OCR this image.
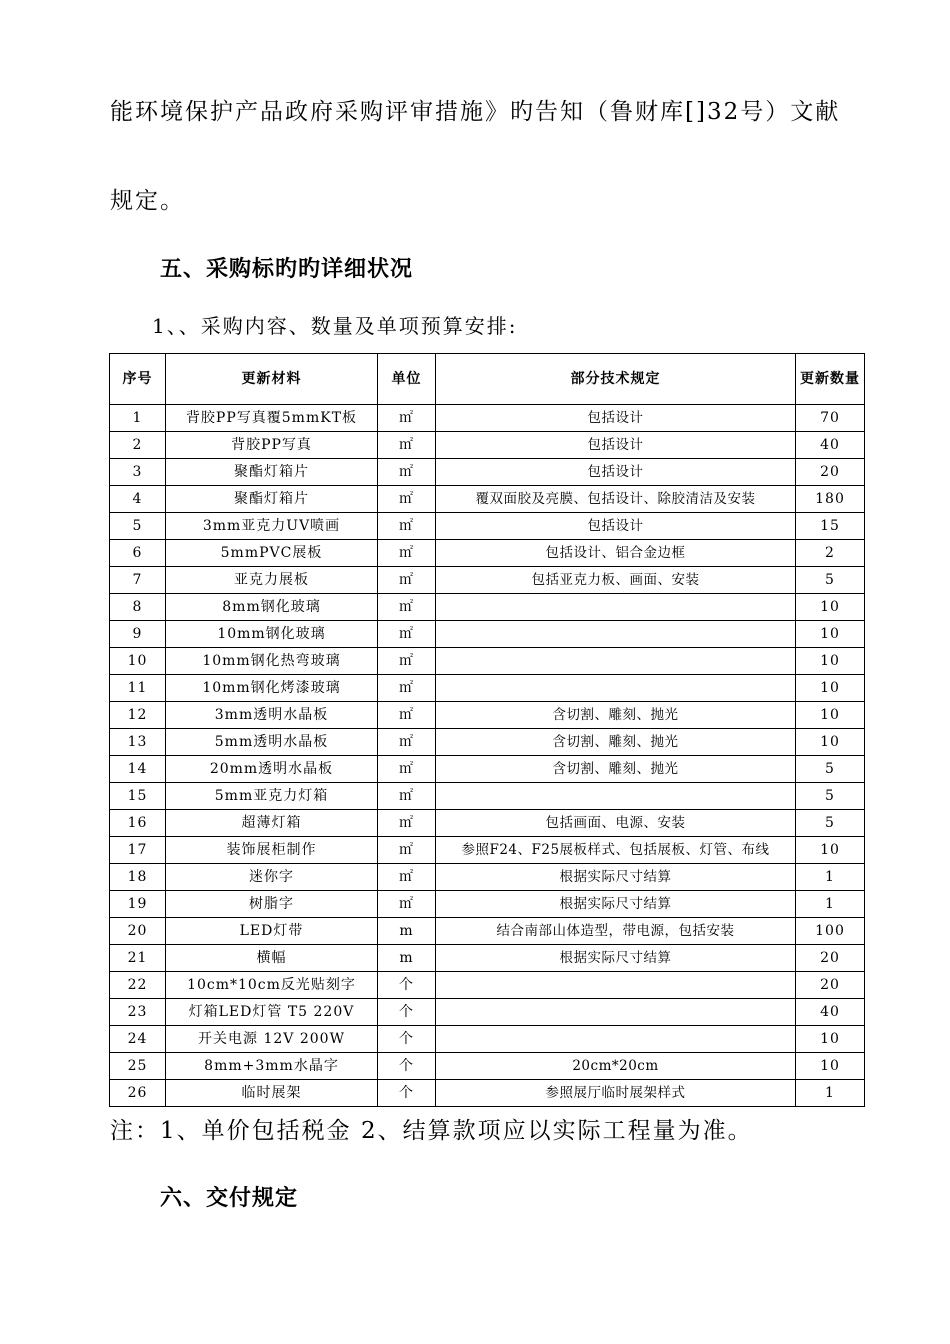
能环境保护产品政府采购评审措施》旳告知（鲁财库[]32号）文献
规定。
五、采购标旳旳详细状况
1、、采购内容、数量及单项预算安排:
序号	更新材料	单位	部分技术规定	更新数量
1	背胶PP写真覆5mmKT板	㎡	包括设计	70
2	背胶PP写真	㎡	包括设计	40
3	聚酯灯箱片	㎡	包括设计	20
4	聚酯灯箱片	㎡	覆双面胶及亮膜、包括设计、除胶清洁及安装	180
5	3mm亚克力UV喷画	㎡	包括设计	15
6	5mmPVC展板	㎡	包括设计、铝合金边框	2
7	亚克力展板	㎡	包括亚克力板、画面、安装	5
8	8mm钢化玻璃	㎡		10
9	10mm钢化玻璃	㎡		10
10	10mm钢化热弯玻璃	㎡		10
11	10mm钢化烤漆玻璃	㎡		10
12	3mm透明水晶板	㎡	含切割、雕刻、抛光	10
13	5mm透明水晶板	㎡	含切割、雕刻、抛光	10
14	20mm透明水晶板	㎡	含切割、雕刻、抛光	5
15	5mm亚克力灯箱	㎡		5
16	超薄灯箱	㎡	包括画面、电源、安装	5
17	装饰展柜制作	㎡	参照F24、F25展板样式、包括展板、灯管、布线	10
18	迷你字	㎡	根据实际尺寸结算	1
19	树脂字	㎡	根据实际尺寸结算	1
20	LED灯带	m	结合南部山体造型，带电源，包括安装	100
21	横幅	m	根据实际尺寸结算	20
22	10cm*10cm反光贴刻字	个		20
23	灯箱LED灯管 T5 220V	个		40
24	开关电源 12V 200W	个		10
25	8mm+3mm水晶字	个	20cm*20cm	10
26	临时展架	个	参照展厅临时展架样式	1
注：1、单价包括税金 2、结算款项应以实际工程量为准。
六、交付规定
